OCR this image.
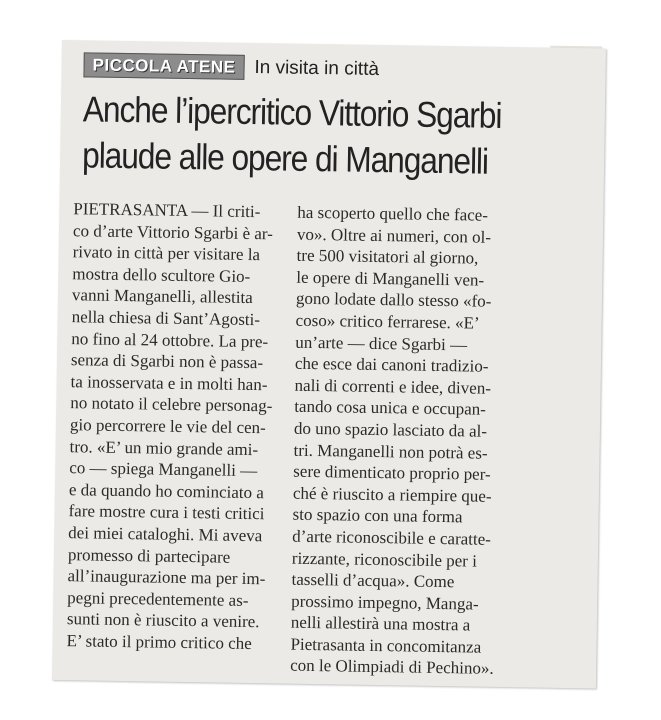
PICCOLA ATENE In visita in città
Anche l’ipercritico Vittorio Sgarbi
plaude alle opere di Manganelli
PIETRASANTA — Il criti-
co d’arte Vittorio Sgarbi è ar-
rivato in città per visitare la
mostra dello scultore Gio-
vanni Manganelli, allestita
nella chiesa di Sant’Agosti-
no fino al 24 ottobre. La pre-
senza di Sgarbi non è passa-
ta inosservata e in molti han-
no notato il celebre personag-
gio percorrere le vie del cen-
tro. «E’ un mio grande ami-
co — spiega Manganelli —
e da quando ho cominciato a
fare mostre cura i testi critici
dei miei cataloghi. Mi aveva
promesso di partecipare
all’inaugurazione ma per im-
pegni precedentemente as-
sunti non è riuscito a venire.
E’ stato il primo critico che
ha scoperto quello che face-
vo». Oltre ai numeri, con ol-
tre 500 visitatori al giorno,
le opere di Manganelli ven-
gono lodate dallo stesso «fo-
coso» critico ferrarese. «E’
un’arte — dice Sgarbi —
che esce dai canoni tradizio-
nali di correnti e idee, diven-
tando cosa unica e occupan-
do uno spazio lasciato da al-
tri. Manganelli non potrà es-
sere dimenticato proprio per-
ché è riuscito a riempire que-
sto spazio con una forma
d’arte riconoscibile e caratte-
rizzante, riconoscibile per i
tasselli d’acqua». Come
prossimo impegno, Manga-
nelli allestirà una mostra a
Pietrasanta in concomitanza
con le Olimpiadi di Pechino».
